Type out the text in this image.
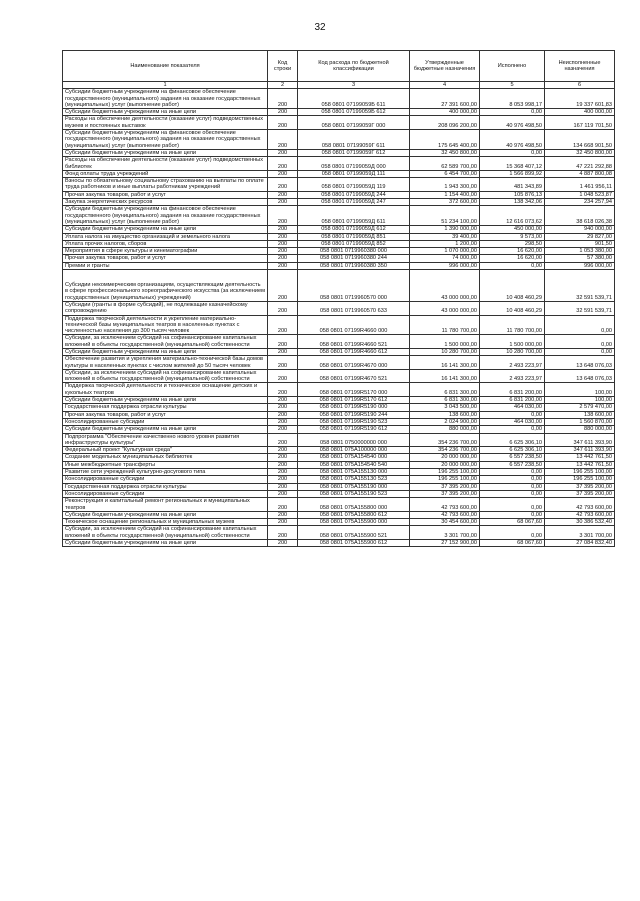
32
Наименование показателя	Код строки	Код расхода по бюджетной классификации	Утвержденные бюджетные назначения	Исполнено	Неисполненные назначения
1	2	3	4	5	6
Субсидии бюджетным учреждениям на финансовое обеспечение государственного (муниципального) задания на оказание государственных (муниципальных) услуг (выполнение работ)	200	058 0801 07199059Б 611	27 391 600,00	8 053 998,17	19 337 601,83
Субсидии бюджетным учреждениям на иные цели	200	058 0801 07199059Б 612	400 000,00	0,00	400 000,00
Расходы на обеспечение деятельности (оказание услуг) подведомственных музеев и постоянных выставок	200	058 0801 07199059Г 000	208 096 200,00	40 976 498,50	167 119 701,50
Субсидии бюджетным учреждениям на финансовое обеспечение государственного (муниципального) задания на оказание государственных (муниципальных) услуг (выполнение работ)	200	058 0801 07199059Г 611	175 645 400,00	40 976 498,50	134 668 901,50
Субсидии бюджетным учреждениям на иные цели	200	058 0801 07199059Г 612	32 450 800,00	0,00	32 450 800,00
Расходы на обеспечение деятельности (оказание услуг) подведомственных библиотек	200	058 0801 07199059Д 000	62 589 700,00	15 368 407,12	47 221 292,88
Фонд оплаты труда учреждений	200	058 0801 07199059Д 111	6 454 700,00	1 566 899,92	4 887 800,08
Взносы по обязательному социальному страхованию на выплаты по оплате труда работников и иные выплаты работникам учреждений	200	058 0801 07199059Д 119	1 943 300,00	481 343,89	1 461 956,11
Прочая закупка товаров, работ и услуг	200	058 0801 07199059Д 244	1 154 400,00	105 876,13	1 048 523,87
Закупка энергетических ресурсов	200	058 0801 07199059Д 247	372 600,00	138 342,06	234 257,94
Субсидии бюджетным учреждениям на финансовое обеспечение государственного (муниципального) задания на оказание государственных (муниципальных) услуг (выполнение работ)	200	058 0801 07199059Д 611	51 234 100,00	12 616 073,62	38 618 026,38
Субсидии бюджетным учреждениям на иные цели	200	058 0801 07199059Д 612	1 390 000,00	450 000,00	940 000,00
Уплата налога на имущество организаций и земельного налога	200	058 0801 07199059Д 851	39 400,00	9 573,00	29 827,00
Уплата прочих налогов, сборов	200	058 0801 07199059Д 852	1 200,00	298,50	901,50
Мероприятия в сфере культуры и кинематографии	200	058 0801 0719960380 000	1 070 000,00	16 620,00	1 053 380,00
Прочая закупка товаров, работ и услуг	200	058 0801 0719960380 244	74 000,00	16 620,00	57 380,00
Премии и гранты	200	058 0801 0719960380 350	996 000,00	0,00	996 000,00
Субсидии некоммерческим организациям, осуществляющим деятельность в сфере профессионального хореографического искусства (за исключением государственных (муниципальных) учреждений)	200	058 0801 0719960570 000	43 000 000,00	10 408 460,29	32 591 539,71
Субсидии (гранты в форме субсидий), не подлежащие казначейскому сопровождению	200	058 0801 0719960570 633	43 000 000,00	10 408 460,29	32 591 539,71
Поддержка творческой деятельности и укрепление материально-технической базы муниципальных театров в населенных пунктах с численностью населения до 300 тысяч человек	200	058 0801 07199R4660 000	11 780 700,00	11 780 700,00	0,00
Субсидии, за исключением субсидий на софинансирование капитальных вложений в объекты государственной (муниципальной) собственности	200	058 0801 07199R4660 521	1 500 000,00	1 500 000,00	0,00
Субсидии бюджетным учреждениям на иные цели	200	058 0801 07199R4660 612	10 280 700,00	10 280 700,00	0,00
Обеспечение развития и укрепления материально-технической базы домов культуры в населенных пунктах с числом жителей до 50 тысяч человек	200	058 0801 07199R4670 000	16 141 300,00	2 493 223,97	13 648 076,03
Субсидии, за исключением субсидий на софинансирование капитальных вложений в объекты государственной (муниципальной) собственности	200	058 0801 07199R4670 521	16 141 300,00	2 493 223,97	13 648 076,03
Поддержка творческой деятельности и техническое оснащение детских и кукольных театров	200	058 0801 07199R5170 000	6 831 300,00	6 831 200,00	100,00
Субсидии бюджетным учреждениям на иные цели	200	058 0801 07199R5170 612	6 831 300,00	6 831 200,00	100,00
Государственная поддержка отрасли культуры	200	058 0801 07199R5190 000	3 043 500,00	464 030,00	2 579 470,00
Прочая закупка товаров, работ и услуг	200	058 0801 07199R5190 244	138 600,00	0,00	138 600,00
Консолидированные субсидии	200	058 0801 07199R5190 523	2 024 900,00	464 030,00	1 560 870,00
Субсидии бюджетным учреждениям на иные цели	200	058 0801 07199R5190 612	880 000,00	0,00	880 000,00
Подпрограмма "Обеспечение качественно нового уровня развития инфраструктуры культуры"	200	058 0801 0750000000 000	354 236 700,00	6 625 306,10	347 611 393,90
Федеральный проект "Культурная среда"	200	058 0801 075A100000 000	354 236 700,00	6 625 306,10	347 611 393,90
Создание модельных муниципальных библиотек	200	058 0801 075A154540 000	20 000 000,00	6 557 238,50	13 442 761,50
Иные межбюджетные трансферты	200	058 0801 075A154540 540	20 000 000,00	6 557 238,50	13 442 761,50
Развитие сети учреждений культурно-досугового типа	200	058 0801 075A155130 000	196 255 100,00	0,00	196 255 100,00
Консолидированные субсидии	200	058 0801 075A155130 523	196 255 100,00	0,00	196 255 100,00
Государственная поддержка отрасли культуры	200	058 0801 075A155190 000	37 395 200,00	0,00	37 395 200,00
Консолидированные субсидии	200	058 0801 075A155190 523	37 395 200,00	0,00	37 395 200,00
Реконструкция и капитальный ремонт региональных и муниципальных театров	200	058 0801 075A155800 000	42 793 600,00	0,00	42 793 600,00
Субсидии бюджетным учреждениям на иные цели	200	058 0801 075A155800 612	42 793 600,00	0,00	42 793 600,00
Техническое оснащение региональных и муниципальных музеев	200	058 0801 075A155900 000	30 454 600,00	68 067,60	30 386 532,40
Субсидии, за исключением субсидий на софинансирование капитальных вложений в объекты государственной (муниципальной) собственности	200	058 0801 075A155900 521	3 301 700,00	0,00	3 301 700,00
Субсидии бюджетным учреждениям на иные цели	200	058 0801 075A155900 612	27 152 900,00	68 067,60	27 084 832,40
